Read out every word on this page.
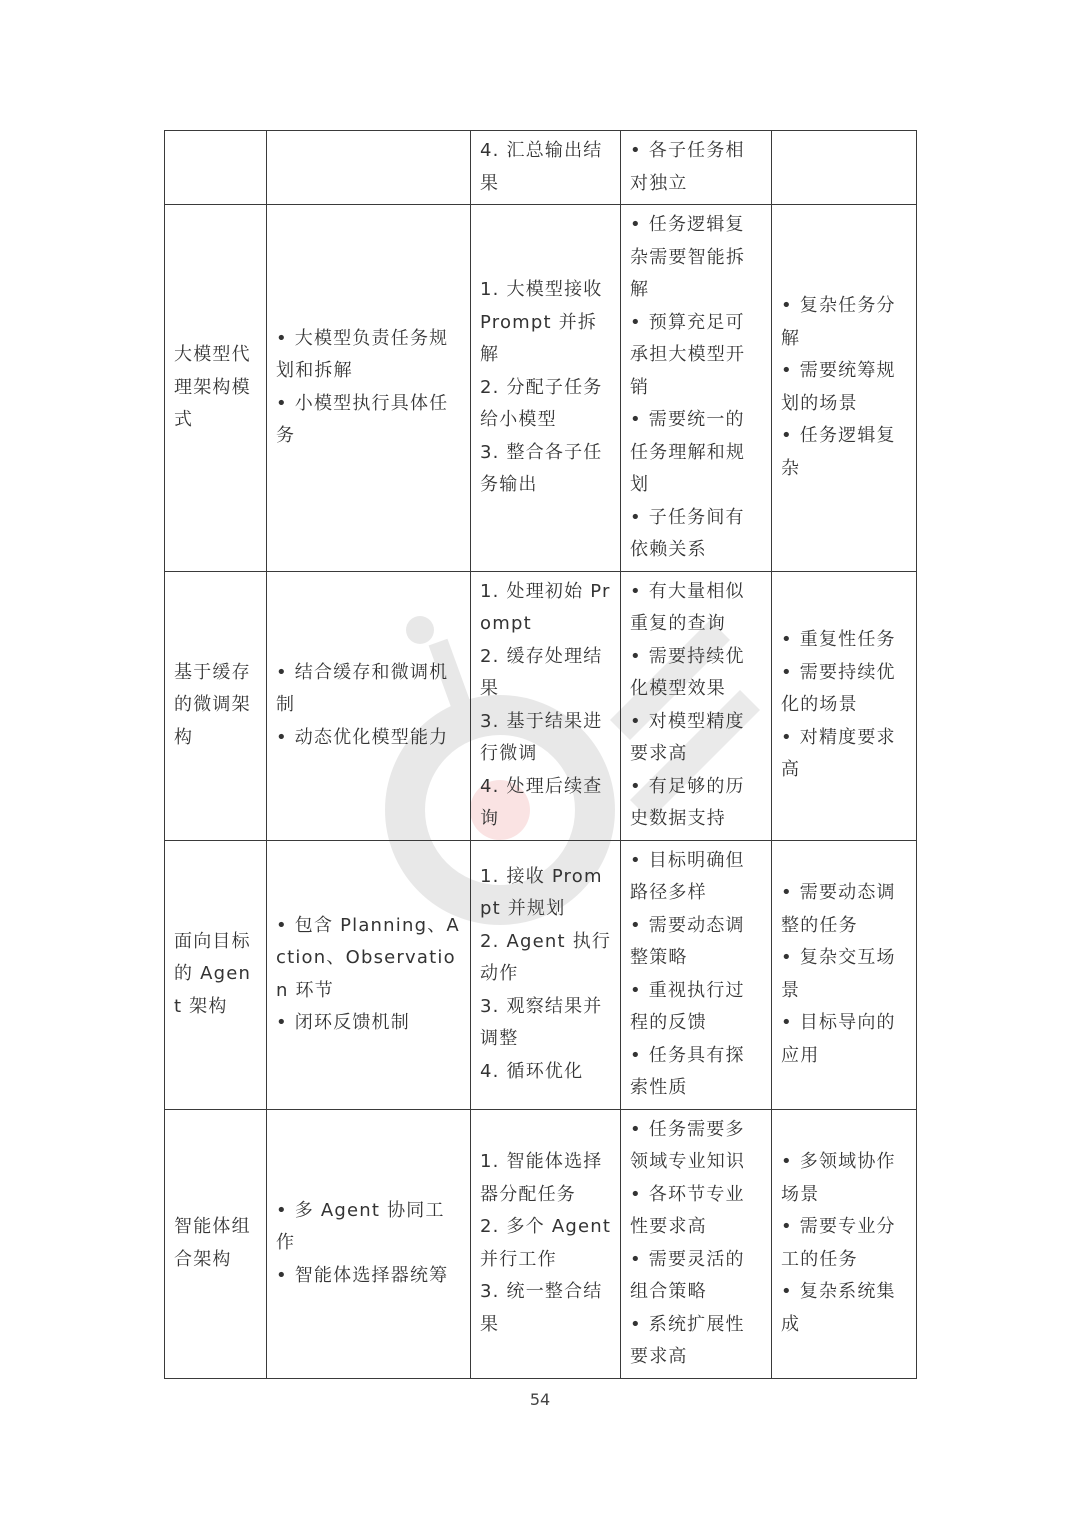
		4. 汇总输出结果	• 各子任务相对独立

大模型代理架构模式	• 大模型负责任务规划和拆解
• 小模型执行具体任务	1. 大模型接收 Prompt 并拆解
2. 分配子任务给小模型
3. 整合各子任务输出	• 任务逻辑复杂需要智能拆解
• 预算充足可承担大模型开销
• 需要统一的任务理解和规划
• 子任务间有依赖关系	• 复杂任务分解
• 需要统筹规划的场景
• 任务逻辑复杂

基于缓存的微调架构	• 结合缓存和微调机制
• 动态优化模型能力	1. 处理初始 Prompt
2. 缓存处理结果
3. 基于结果进行微调
4. 处理后续查询	• 有大量相似重复的查询
• 需要持续优化模型效果
• 对模型精度要求高
• 有足够的历史数据支持	• 重复性任务
• 需要持续优化的场景
• 对精度要求高

面向目标的 Agent 架构	• 包含 Planning、Action、Observation 环节
• 闭环反馈机制	1. 接收 Prompt 并规划
2. Agent 执行动作
3. 观察结果并调整
4. 循环优化	• 目标明确但路径多样
• 需要动态调整策略
• 重视执行过程的反馈
• 任务具有探索性质	• 需要动态调整的任务
• 复杂交互场景
• 目标导向的应用

智能体组合架构	• 多 Agent 协同工作
• 智能体选择器统筹	1. 智能体选择器分配任务
2. 多个 Agent 并行工作
3. 统一整合结果	• 任务需要多领域专业知识
• 各环节专业性要求高
• 需要灵活的组合策略
• 系统扩展性要求高	• 多领域协作场景
• 需要专业分工的任务
• 复杂系统集成
54
